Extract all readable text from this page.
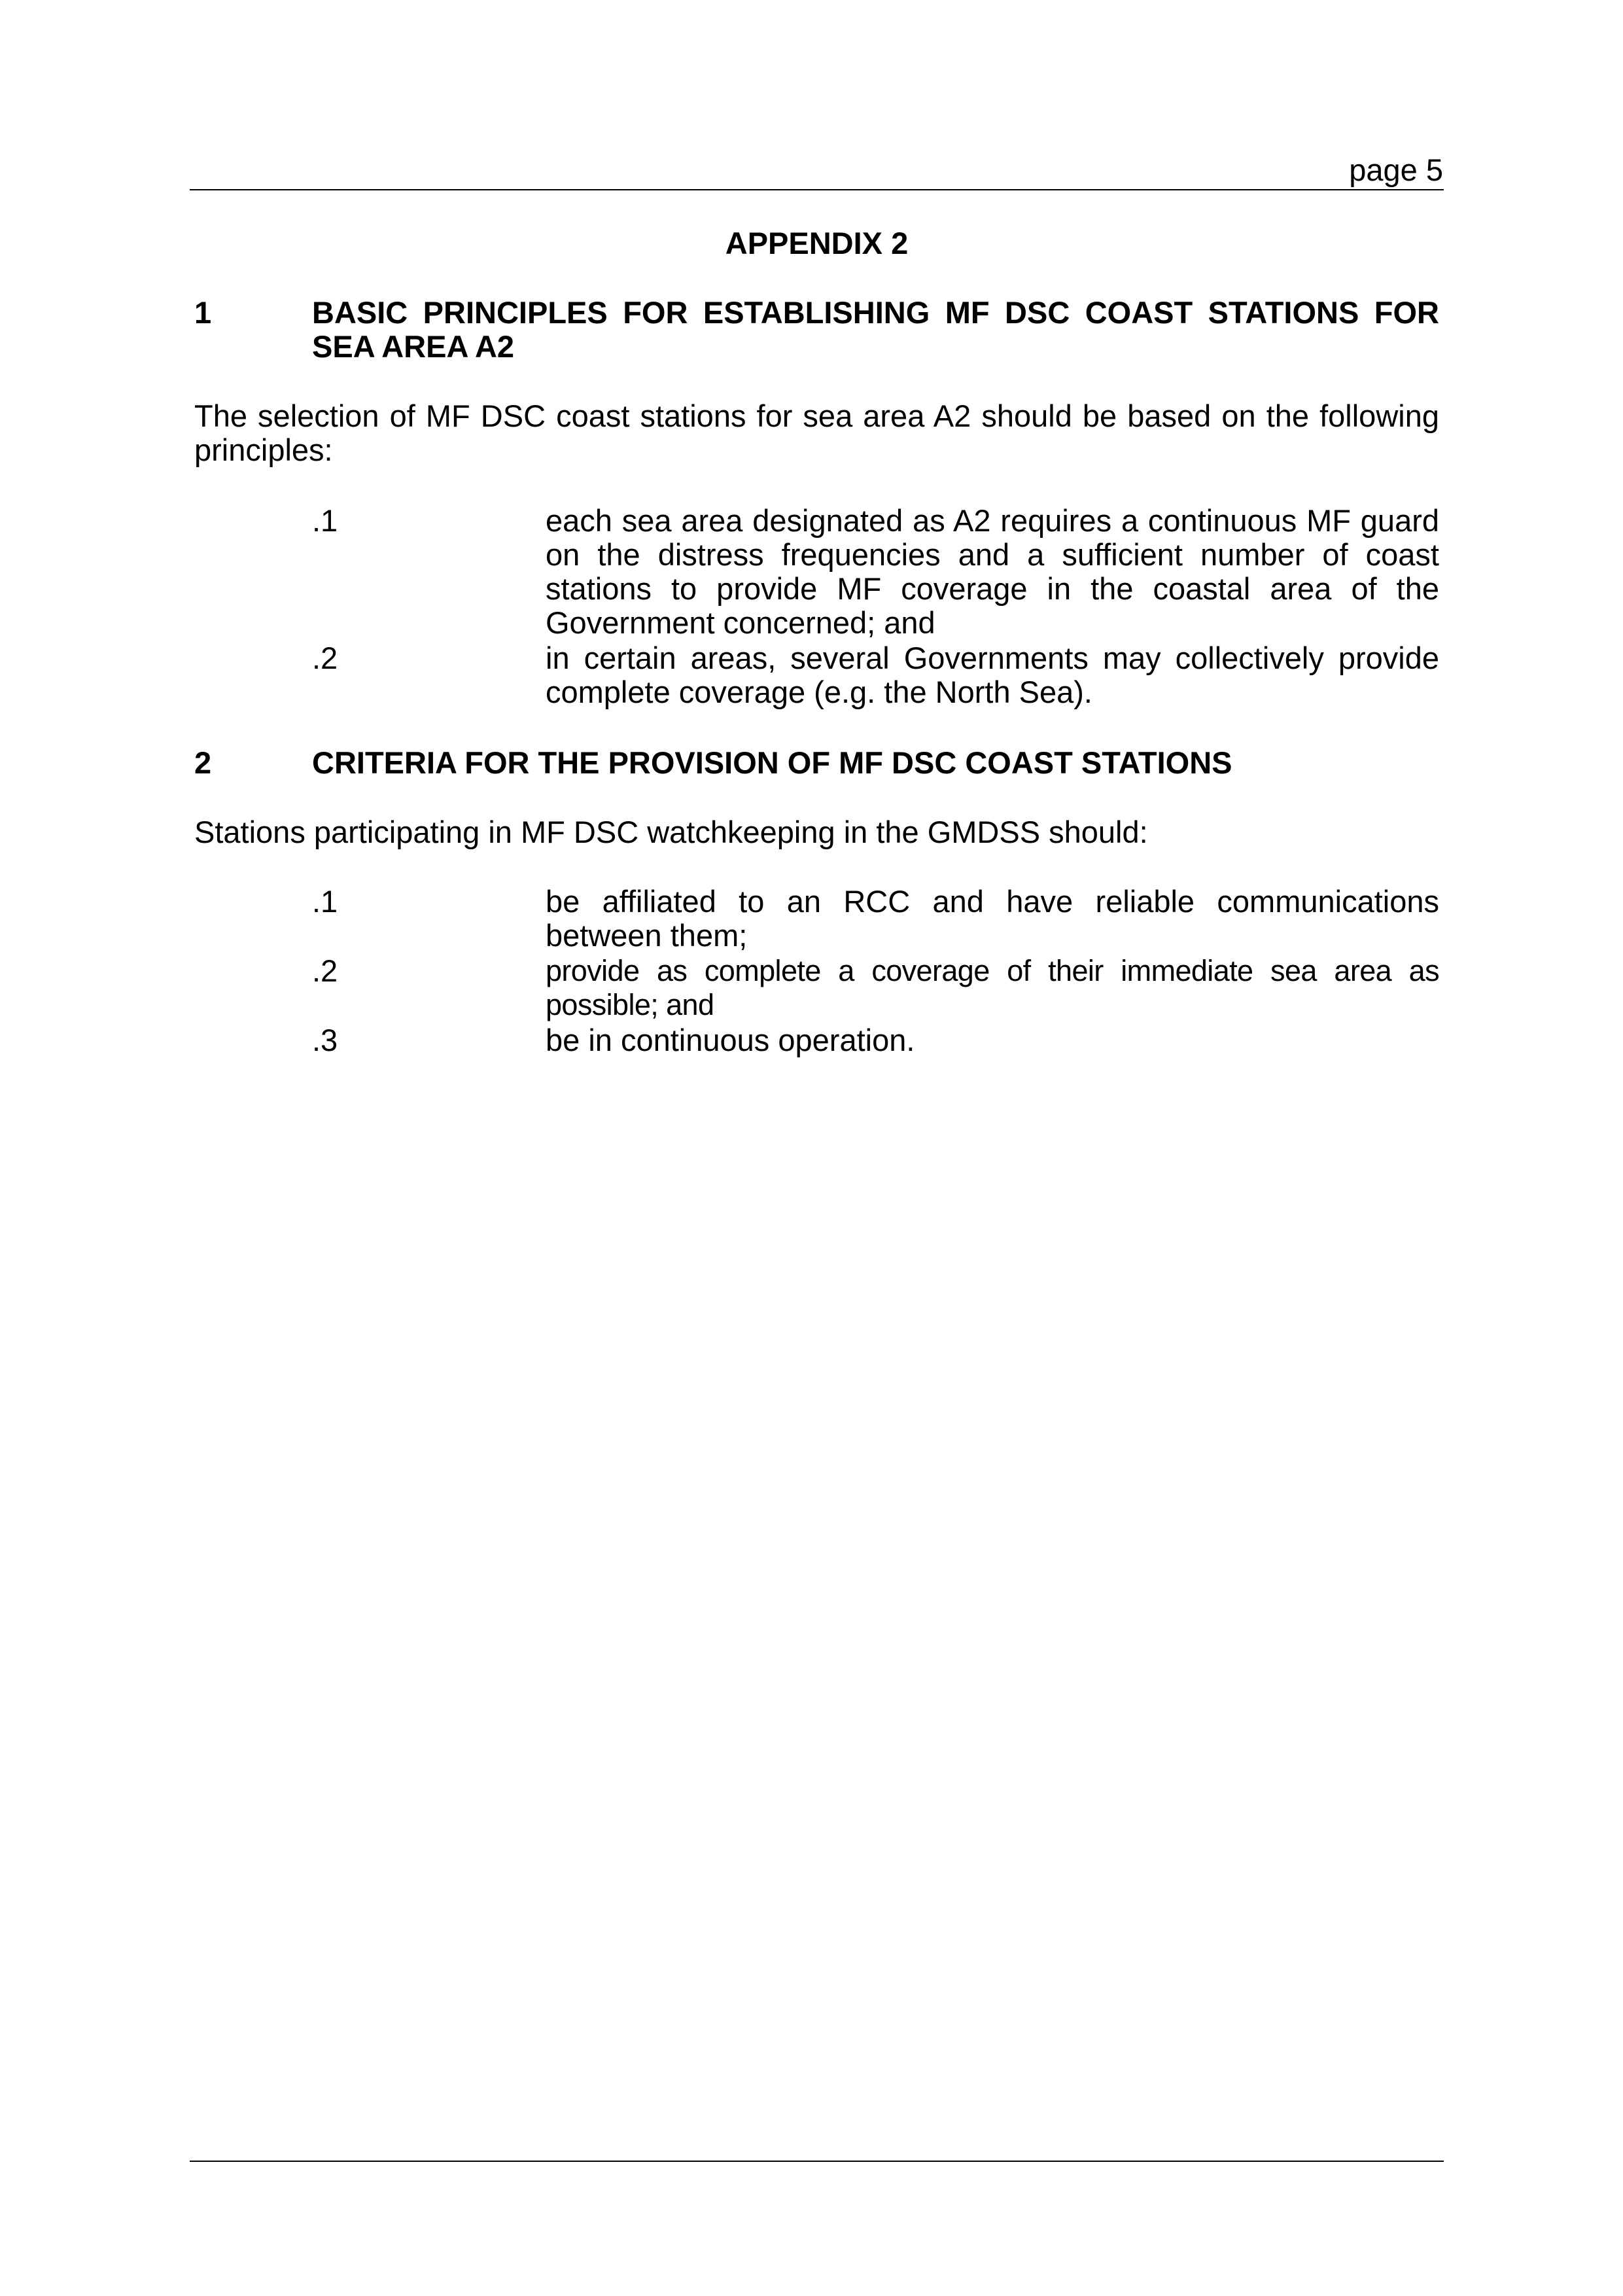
page 5
APPENDIX 2
1	BASIC PRINCIPLES FOR ESTABLISHING MF DSC COAST STATIONS FOR SEA AREA A2
The selection of MF DSC coast stations for sea area A2 should be based on the following principles:
.1	each sea area designated as A2 requires a continuous MF guard on the distress frequencies and a sufficient number of coast stations to provide MF coverage in the coastal area of the Government concerned; and
.2	in certain areas, several Governments may collectively provide complete coverage (e.g. the North Sea).
2	CRITERIA FOR THE PROVISION OF MF DSC COAST STATIONS
Stations participating in MF DSC watchkeeping in the GMDSS should:
.1	be affiliated to an RCC and have reliable communications between them;
.2	provide as complete a coverage of their immediate sea area as possible; and
.3	be in continuous operation.
